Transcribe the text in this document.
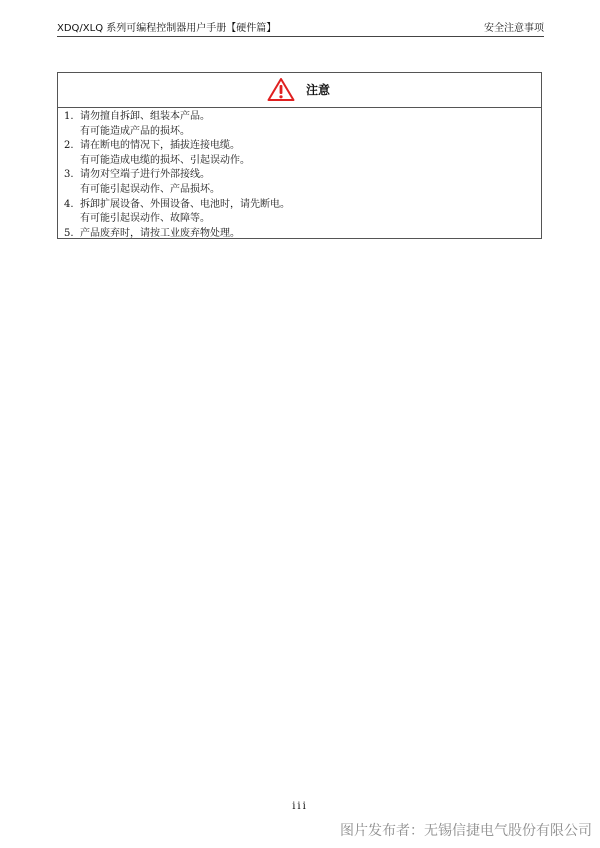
XDQ/XLQ 系列可编程控制器用户手册【硬件篇】	安全注意事项
注意
1. 请勿擅自拆卸、组装本产品。
有可能造成产品的损坏。
2. 请在断电的情况下，插拔连接电缆。
有可能造成电缆的损坏、引起误动作。
3. 请勿对空端子进行外部接线。
有可能引起误动作、产品损坏。
4. 拆卸扩展设备、外围设备、电池时，请先断电。
有可能引起误动作、故障等。
5. 产品废弃时，请按工业废弃物处理。
iii
图片发布者：无锡信捷电气股份有限公司
